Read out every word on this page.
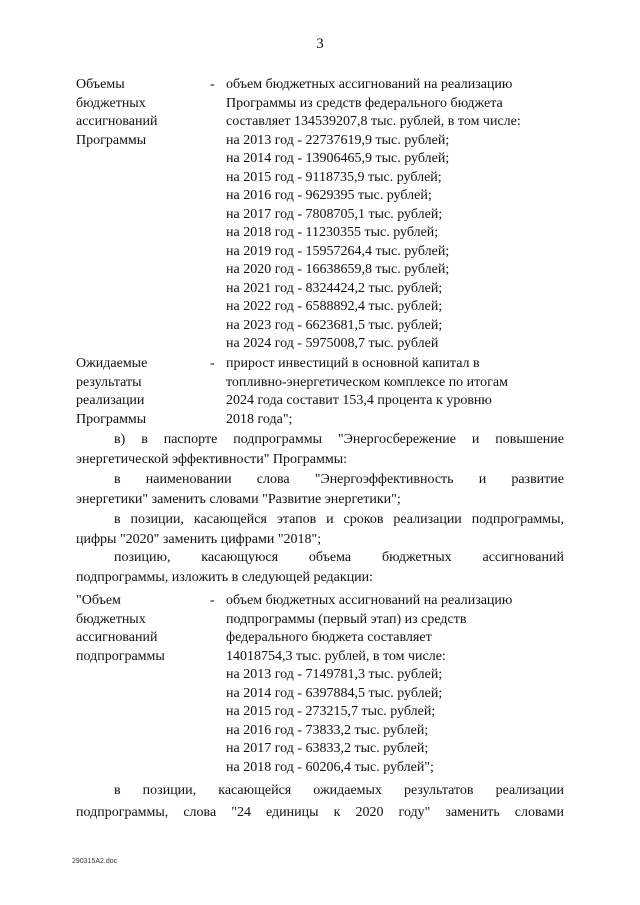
3
Объемы
бюджетных
ассигнований
Программы
- объем бюджетных ассигнований на реализацию
Программы из средств федерального бюджета
составляет 134539207,8 тыс. рублей, в том числе:
на 2013 год - 22737619,9 тыс. рублей;
на 2014 год - 13906465,9 тыс. рублей;
на 2015 год - 9118735,9 тыс. рублей;
на 2016 год - 9629395 тыс. рублей;
на 2017 год - 7808705,1 тыс. рублей;
на 2018 год - 11230355 тыс. рублей;
на 2019 год - 15957264,4 тыс. рублей;
на 2020 год - 16638659,8 тыс. рублей;
на 2021 год - 8324424,2 тыс. рублей;
на 2022 год - 6588892,4 тыс. рублей;
на 2023 год - 6623681,5 тыс. рублей;
на 2024 год - 5975008,7 тыс. рублей
Ожидаемые
результаты
реализации
Программы
- прирост инвестиций в основной капитал в
топливно-энергетическом комплексе по итогам
2024 года составит 153,4 процента к уровню
2018 года";
в) в паспорте подпрограммы "Энергосбережение и повышение
энергетической эффективности" Программы:
в наименовании слова "Энергоэффективность и развитие
энергетики" заменить словами "Развитие энергетики";
в позиции, касающейся этапов и сроков реализации подпрограммы,
цифры "2020" заменить цифрами "2018";
позицию, касающуюся объема бюджетных ассигнований
подпрограммы, изложить в следующей редакции:
"Объем
бюджетных
ассигнований
подпрограммы
- объем бюджетных ассигнований на реализацию
подпрограммы (первый этап) из средств
федерального бюджета составляет
14018754,3 тыс. рублей, в том числе:
на 2013 год - 7149781,3 тыс. рублей;
на 2014 год - 6397884,5 тыс. рублей;
на 2015 год - 273215,7 тыс. рублей;
на 2016 год - 73833,2 тыс. рублей;
на 2017 год - 63833,2 тыс. рублей;
на 2018 год - 60206,4 тыс. рублей";
в позиции, касающейся ожидаемых результатов реализации
подпрограммы, слова "24 единицы к 2020 году" заменить словами
290315A2.doc
